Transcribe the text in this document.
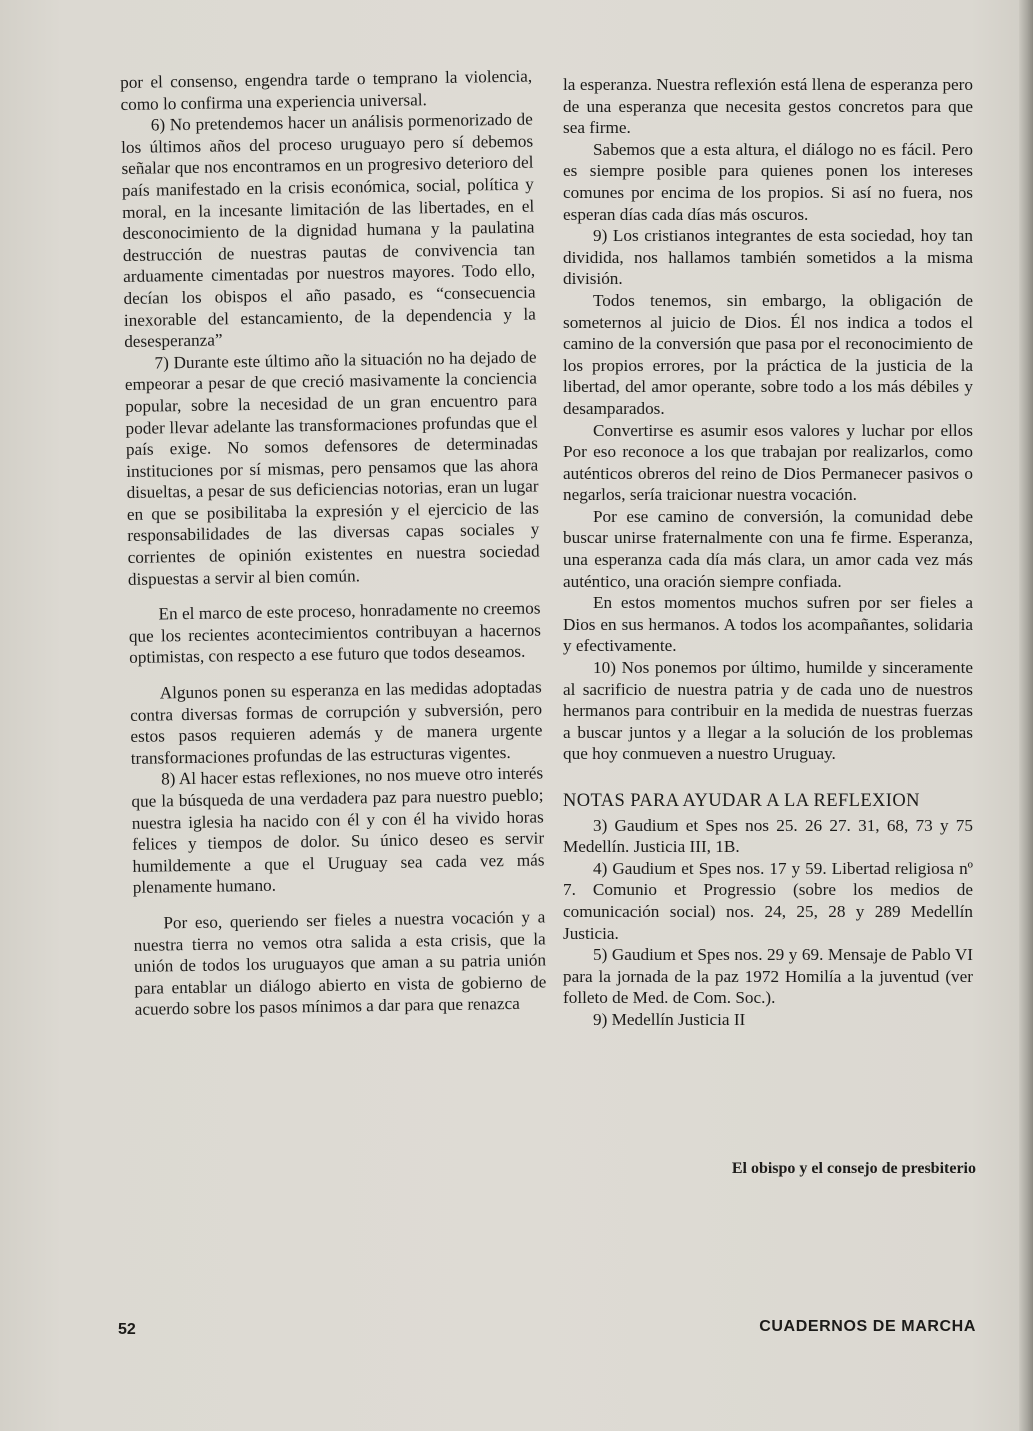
por el consenso, engendra tarde o temprano la violencia, como lo confirma una experiencia universal.

6) No pretendemos hacer un análisis pormenorizado de los últimos años del proceso uruguayo pero sí debemos señalar que nos encontramos en un progresivo deterioro del país manifestado en la crisis económica, social, política y moral, en la incesante limitación de las libertades, en el desconocimiento de la dignidad humana y la paulatina destrucción de nuestras pautas de convivencia tan arduamente cimentadas por nuestros mayores. Todo ello, decían los obispos el año pasado, es “consecuencia inexorable del estancamiento, de la dependencia y la desesperanza”

7) Durante este último año la situación no ha dejado de empeorar a pesar de que creció masivamente la conciencia popular, sobre la necesidad de un gran encuentro para poder llevar adelante las transformaciones profundas que el país exige. No somos defensores de determinadas instituciones por sí mismas, pero pensamos que las ahora disueltas, a pesar de sus deficiencias notorias, eran un lugar en que se posibilitaba la expresión y el ejercicio de las responsabilidades de las diversas capas sociales y corrientes de opinión existentes en nuestra sociedad dispuestas a servir al bien común.

En el marco de este proceso, honradamente no creemos que los recientes acontecimientos contribuyan a hacernos optimistas, con respecto a ese futuro que todos deseamos.

Algunos ponen su esperanza en las medidas adoptadas contra diversas formas de corrupción y subversión, pero estos pasos requieren además y de manera urgente transformaciones profundas de las estructuras vigentes.

8) Al hacer estas reflexiones, no nos mueve otro interés que la búsqueda de una verdadera paz para nuestro pueblo; nuestra iglesia ha nacido con él y con él ha vivido horas felices y tiempos de dolor. Su único deseo es servir humildemente a que el Uruguay sea cada vez más plenamente humano.

Por eso, queriendo ser fieles a nuestra vocación y a nuestra tierra no vemos otra salida a esta crisis, que la unión de todos los uruguayos que aman a su patria unión para entablar un diálogo abierto en vista de gobierno de acuerdo sobre los pasos mínimos a dar para que renazca

la esperanza. Nuestra reflexión está llena de esperanza pero de una esperanza que necesita gestos concretos para que sea firme.

Sabemos que a esta altura, el diálogo no es fácil. Pero es siempre posible para quienes ponen los intereses comunes por encima de los propios. Si así no fuera, nos esperan días cada días más oscuros.

9) Los cristianos integrantes de esta sociedad, hoy tan dividida, nos hallamos también sometidos a la misma división.

Todos tenemos, sin embargo, la obligación de someternos al juicio de Dios. Él nos indica a todos el camino de la conversión que pasa por el reconocimiento de los propios errores, por la práctica de la justicia de la libertad, del amor operante, sobre todo a los más débiles y desamparados.

Convertirse es asumir esos valores y luchar por ellos Por eso reconoce a los que trabajan por realizarlos, como auténticos obreros del reino de Dios Permanecer pasivos o negarlos, sería traicionar nuestra vocación.

Por ese camino de conversión, la comunidad debe buscar unirse fraternalmente con una fe firme. Esperanza, una esperanza cada día más clara, un amor cada vez más auténtico, una oración siempre confiada.

En estos momentos muchos sufren por ser fieles a Dios en sus hermanos. A todos los acompañantes, solidaria y efectivamente.

10) Nos ponemos por último, humilde y sinceramente al sacrificio de nuestra patria y de cada uno de nuestros hermanos para contribuir en la medida de nuestras fuerzas a buscar juntos y a llegar a la solución de los problemas que hoy conmueven a nuestro Uruguay.

NOTAS PARA AYUDAR A LA REFLEXION

3) Gaudium et Spes nos 25. 26 27. 31, 68, 73 y 75 Medellín. Justicia III, 1B.

4) Gaudium et Spes nos. 17 y 59. Libertad religiosa nº 7. Comunio et Progressio (sobre los medios de comunicación social) nos. 24, 25, 28 y 289 Medellín Justicia.

5) Gaudium et Spes nos. 29 y 69. Mensaje de Pablo VI para la jornada de la paz 1972 Homilía a la juventud (ver folleto de Med. de Com. Soc.).

9) Medellín Justicia II

El obispo y el consejo de presbiterio
52	CUADERNOS DE MARCHA
